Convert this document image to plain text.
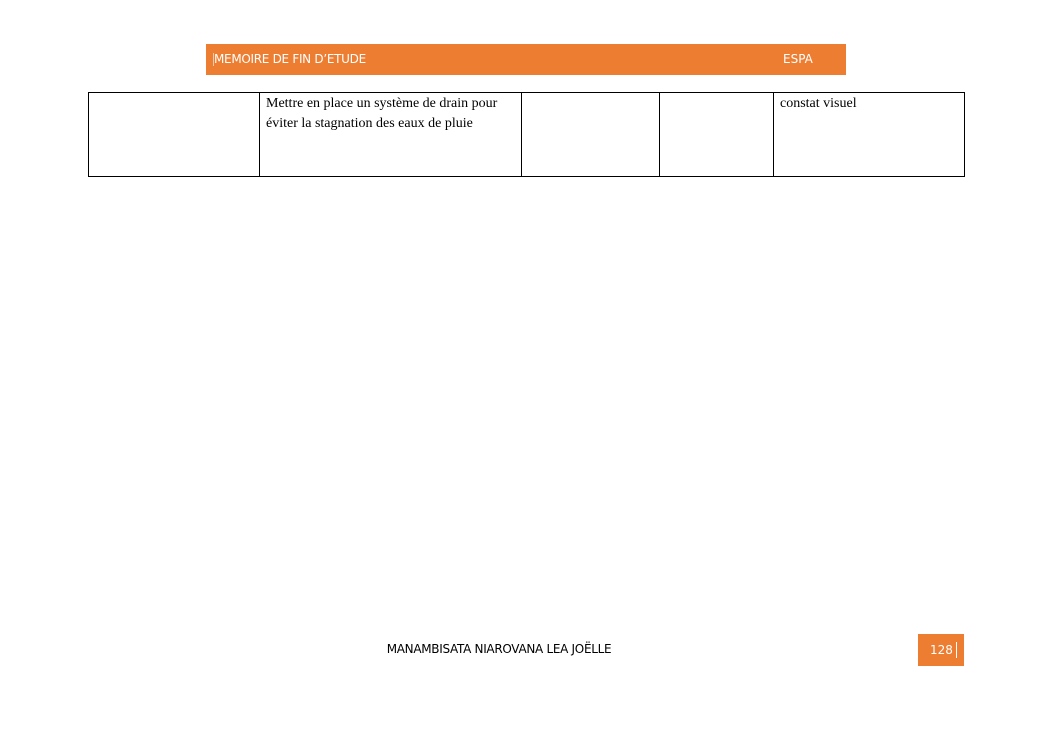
MEMOIRE DE FIN D’ETUDE	ESPA
	Mettre en place un système de drain pour éviter la stagnation des eaux de pluie			constat visuel
MANAMBISATA NIAROVANA LEA JOËLLE	128
